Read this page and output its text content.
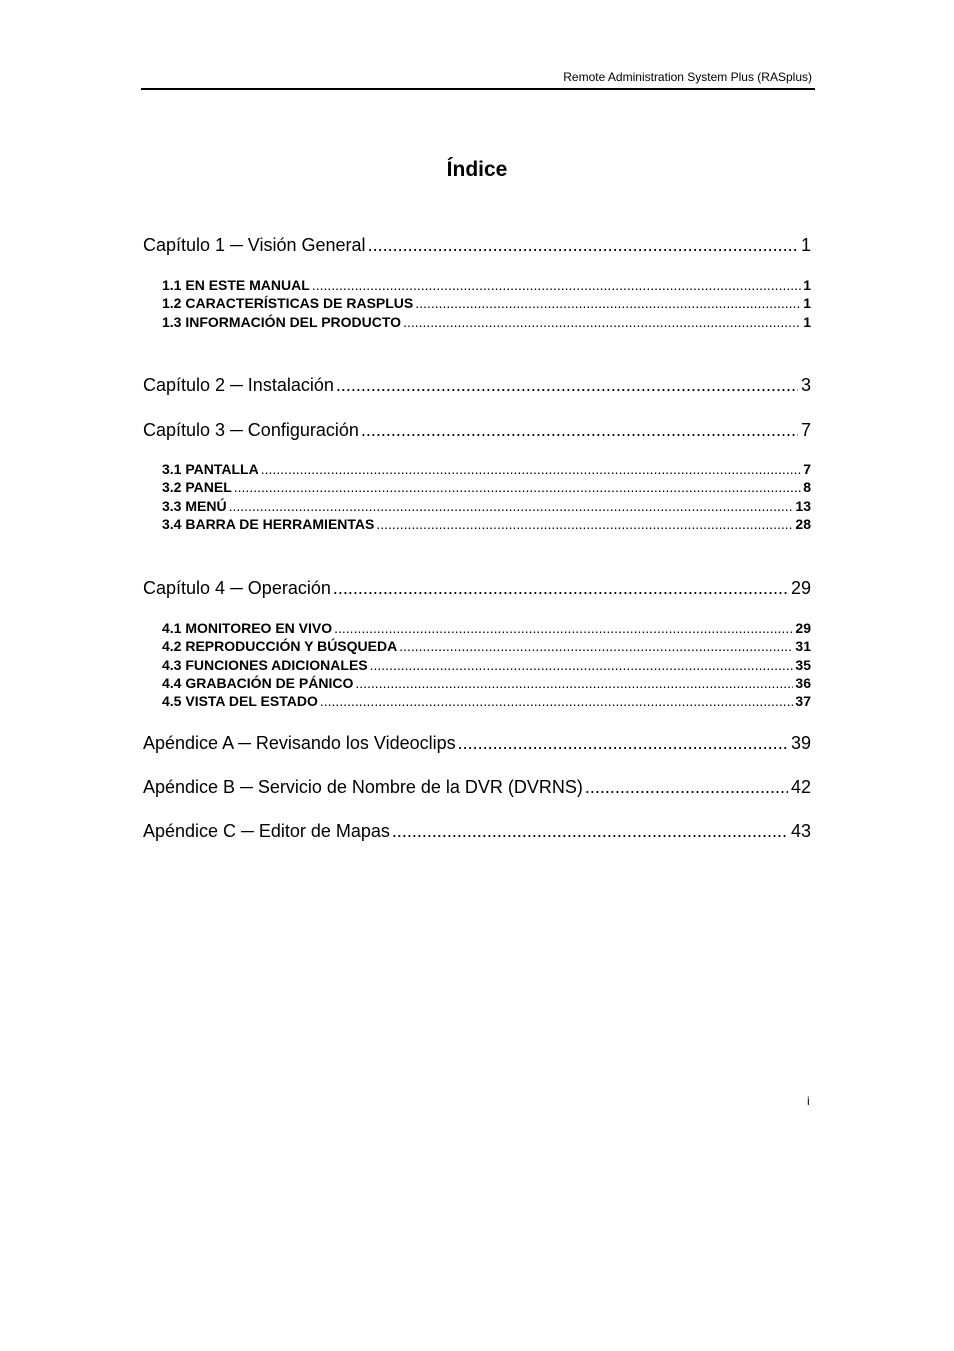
Remote Administration System Plus (RASplus)
Índice
Capítulo 1 ─ Visión General .....	1
1.1 EN ESTE MANUAL .....	1
1.2 CARACTERÍSTICAS DE RASPLUS .....	1
1.3 INFORMACIÓN DEL PRODUCTO .....	1
Capítulo 2 ─ Instalación .....	3
Capítulo 3 ─ Configuración .....	7
3.1 PANTALLA .....	7
3.2 PANEL .....	8
3.3 MENÚ .....	13
3.4 BARRA DE HERRAMIENTAS .....	28
Capítulo 4 ─ Operación .....	29
4.1 MONITOREO EN VIVO .....	29
4.2 REPRODUCCIÓN Y BÚSQUEDA .....	31
4.3 FUNCIONES ADICIONALES .....	35
4.4 GRABACIÓN DE PÁNICO .....	36
4.5 VISTA DEL ESTADO .....	37
Apéndice A ─ Revisando los Videoclips .....	39
Apéndice B ─ Servicio de Nombre de la DVR (DVRNS) .....	42
Apéndice C ─ Editor de Mapas .....	43
i
